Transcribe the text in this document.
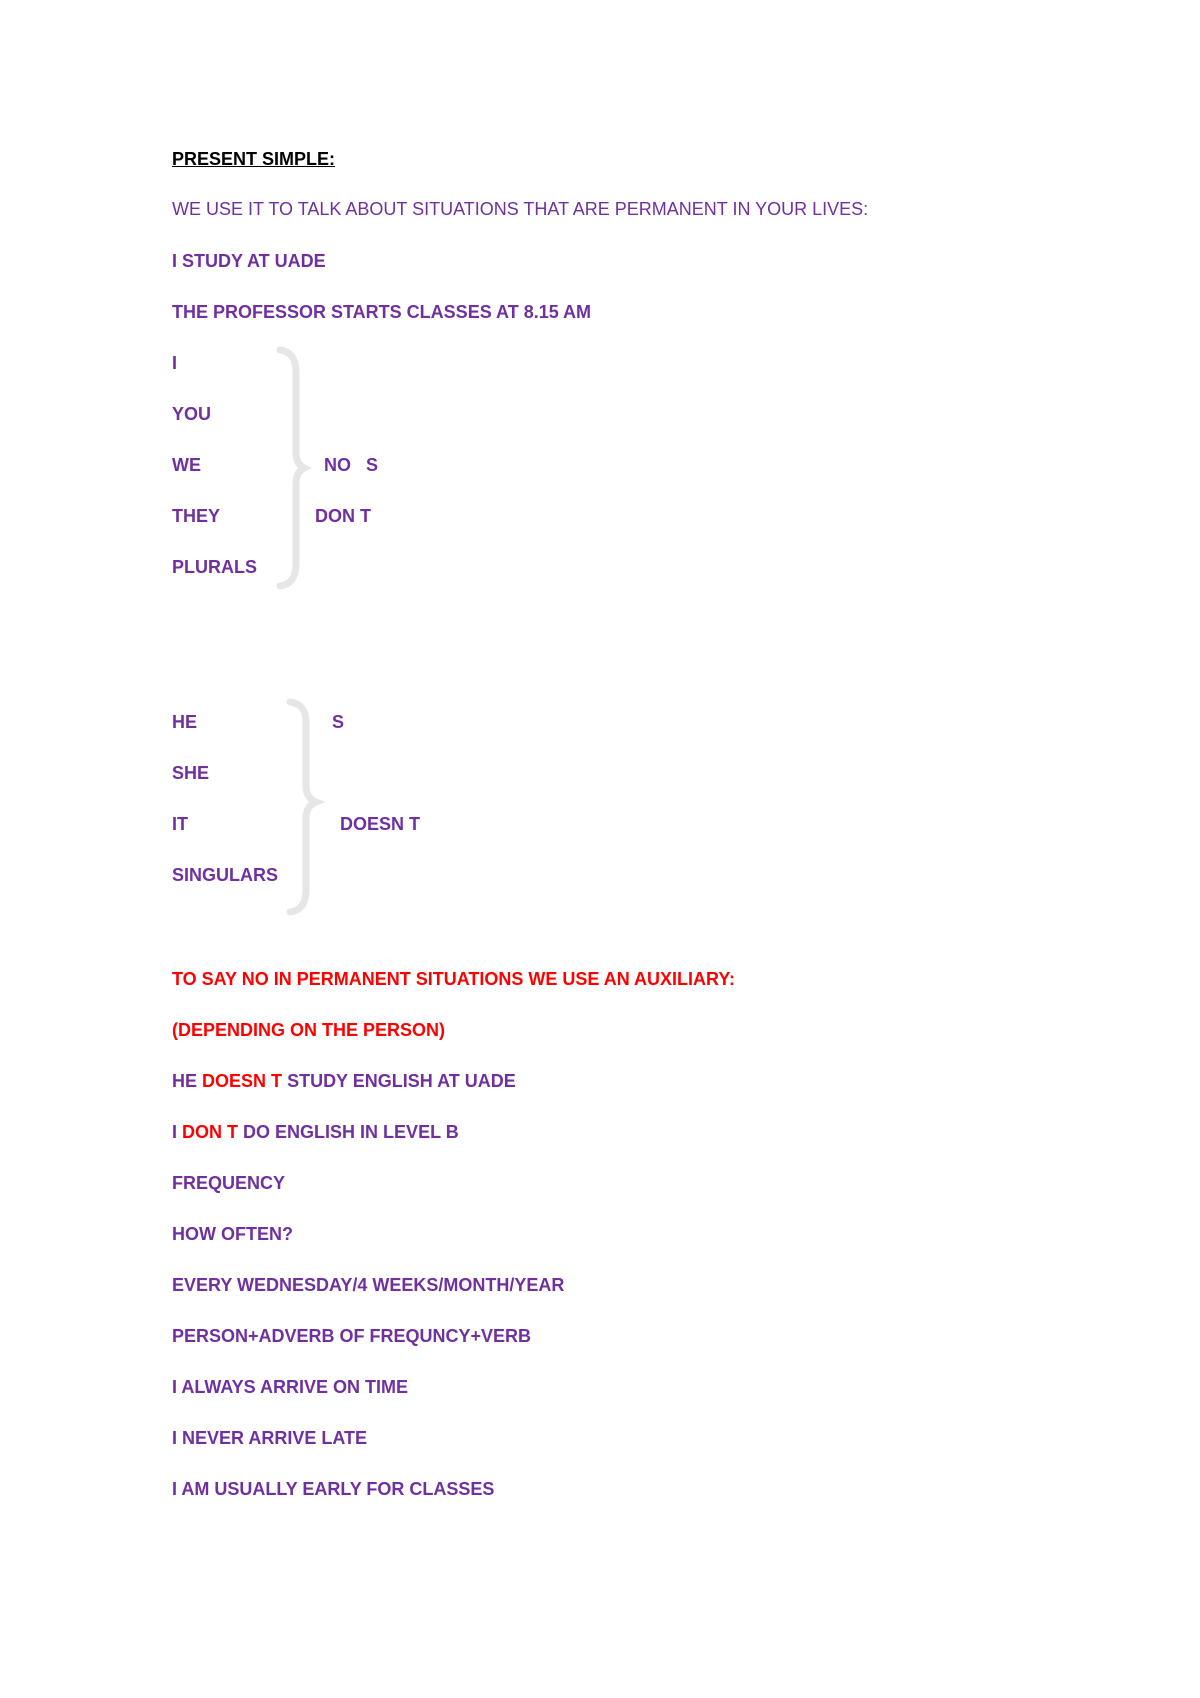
PRESENT SIMPLE:
WE USE IT TO TALK ABOUT SITUATIONS THAT ARE PERMANENT IN YOUR LIVES:
I STUDY AT UADE
THE PROFESSOR STARTS CLASSES AT 8.15 AM
I
YOU
WE
THEY
PLURALS
NO   S
DON T
HE
SHE
IT
SINGULARS
S
DOESN T
TO SAY NO IN PERMANENT SITUATIONS WE USE AN AUXILIARY:
(DEPENDING ON THE PERSON)
HE DOESN T STUDY ENGLISH AT UADE
I DON T DO ENGLISH IN LEVEL B
FREQUENCY
HOW OFTEN?
EVERY WEDNESDAY/4 WEEKS/MONTH/YEAR
PERSON+ADVERB OF FREQUNCY+VERB
I ALWAYS ARRIVE ON TIME
I NEVER ARRIVE LATE
I AM USUALLY EARLY FOR CLASSES
